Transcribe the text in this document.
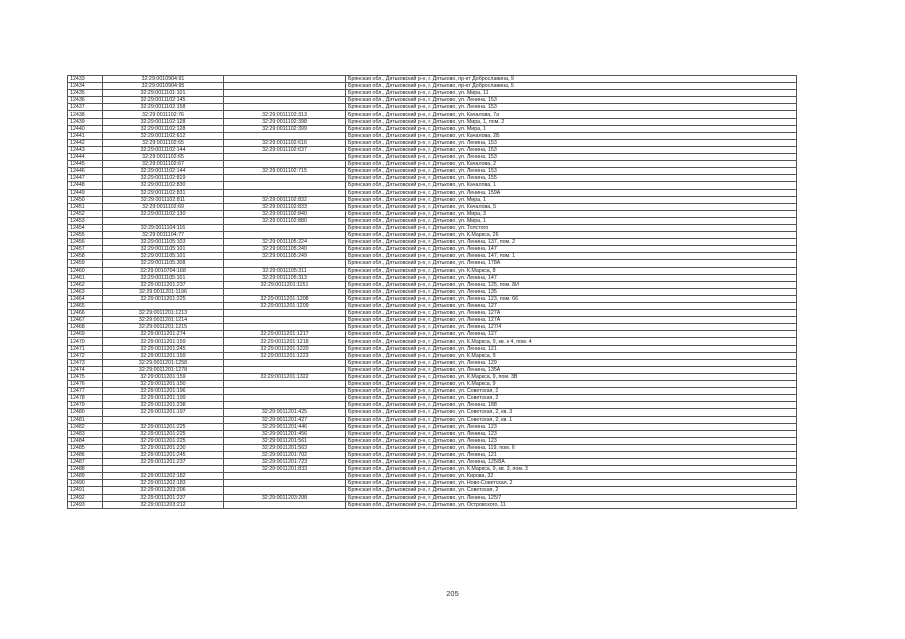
12433	32:29:0010904:91		Брянская обл., Дятьковский р-н, г. Дятьково, пр-кт Доброславина, 9
12434	32:29:0010904:95		Брянская обл., Дятьковский р-н, г. Дятьково, пр-кт Доброславина, 5
12435	32:29:0011101:101		Брянская обл., Дятьковский р-н, г. Дятьково, ул. Мира, 11
12436	32:29:0011102:145		Брянская обл., Дятьковский р-н, г. Дятьково, ул. Ленина, 153
12437	32:29:0011102:158		Брянская обл., Дятьковский р-н, г. Дятьково, ул. Ленина, 153
12438	32:29:0011102:76	32:29:0011102:313	Брянская обл., Дятьковский р-н, г. Дятьково, ул. Качалова, 7а
12439	32:29:0011102:128	32:29:0011102:398	Брянская обл., Дятьковский р-н, г. Дятьково, ул. Мира, 1, пом. 2
12440	32:29:0011102:128	32:29:0011102:399	Брянская обл., Дятьковский р-н, г. Дятьково, ул. Мира, 1
12441	32:29:0011102:612		Брянская обл., Дятьковский р-н, г. Дятьково, ул. Качалова, 2Б
12442	32:29:0011102:65	32:29:0011102:616	Брянская обл., Дятьковский р-н, г. Дятьково, ул. Ленина, 153
12443	32:29:0011102:144	32:29:0011102:637	Брянская обл., Дятьковский р-н, г. Дятьково, ул. Ленина, 153
12444	32:29:0011102:65		Брянская обл., Дятьковский р-н, г. Дятьково, ул. Ленина, 153
12445	32:29:0011102:67		Брянская обл., Дятьковский р-н, г. Дятьково, ул. Качалова, 2
12446	32:29:0011102:144	32:29:0011102:715	Брянская обл., Дятьковский р-н, г. Дятьково, ул. Ленина, 153
12447	32:29:0011102:819		Брянская обл., Дятьковский р-н, г. Дятьково, ул. Ленина, 155
12448	32:29:0011102:830		Брянская обл., Дятьковский р-н, г. Дятьково, ул. Качалова, 1
12449	32:29:0011102:831		Брянская обл., Дятьковский р-н, г. Дятьково, ул. Ленина, 159А
12450	32:29:0011102:811	32:29:0011102:832	Брянская обл., Дятьковский р-н, г. Дятьково, ул. Мира, 1
12451	32:29:0011102:69	32:29:0011102:833	Брянская обл., Дятьковский р-н, г. Дятьково, ул. Качалова, 5
12452	32:29:0011102:130	32:29:0011102:840	Брянская обл., Дятьковский р-н, г. Дятьково, ул. Мира, 3
12453		32:29:0011102:880	Брянская обл., Дятьковский р-н, г. Дятьково, ул. Мира, 1
12454	32:29:0011104:116		Брянская обл., Дятьковский р-н, г. Дятьково, ул. Толстого
12455	32:29:0011104:77		Брянская обл., Дятьковский р-н, г. Дятьково, ул. К.Маркса, 26
12456	32:29:0011105:103	32:29:0011105:224	Брянская обл., Дятьковский р-н, г. Дятьково, ул. Ленина, 137, пом. 2
12457	32:29:0011105:101	32:29:0011105:240	Брянская обл., Дятьковский р-н, г. Дятьково, ул. Ленина, 147
12458	32:29:0011105:101	32:29:0011105:249	Брянская обл., Дятьковский р-н, г. Дятьково, ул. Ленина, 147, пом. 1
12459	32:29:0011105:308		Брянская обл., Дятьковский р-н, г. Дятьково, ул. Ленина, 178А
12460	32:29:0010704:168	32:29:0011105:311	Брянская обл., Дятьковский р-н, г. Дятьково, ул. К.Маркса, 8
12461	32:29:0011105:101	32:29:0011105:313	Брянская обл., Дятьковский р-н, г. Дятьково, ул. Ленина, 147
12462	32:29:0011201:237	32:29:0011201:1151	Брянская обл., Дятьковский р-н, г. Дятьково, ул. Ленина, 125, пом. 8И
12463	32:29:0011201:1196		Брянская обл., Дятьковский р-н, г. Дятьково, ул. Ленина, 135
12464	32:29:0011201:225	32:29:0011201:1208	Брянская обл., Дятьковский р-н, г. Дятьково, ул. Ленина, 123, пом. 66
12465		32:29:0011201:1209	Брянская обл., Дятьковский р-н, г. Дятьково, ул. Ленина, 127
12466	32:29:0011201:1213		Брянская обл., Дятьковский р-н, г. Дятьково, ул. Ленина, 127А
12467	32:29:0011201:1214		Брянская обл., Дятьковский р-н, г. Дятьково, ул. Ленина, 127А
12468	32:29:0011201:1215		Брянская обл., Дятьковский р-н, г. Дятьково, ул. Ленина, 127/4
12469	32:29:0011201:274	32:29:0011201:1217	Брянская обл., Дятьковский р-н, г. Дятьково, ул. Ленина, 127
12470	32:29:0011201:159	32:29:0011201:1218	Брянская обл., Дятьковский р-н, г. Дятьково, ул. К.Маркса, 9, кв. к 4, пом. 4
12471	32:29:0011201:245	32:29:0011201:1220	Брянская обл., Дятьковский р-н, г. Дятьково, ул. Ленина, 121
12472	32:29:0011201:159	32:29:0011201:1223	Брянская обл., Дятьковский р-н, г. Дятьково, ул. К.Маркса, 9
12473	32:29:0011201:1258		Брянская обл., Дятьковский р-н, г. Дятьково, ул. Ленина, 129
12474	32:29:0011201:1278		Брянская обл., Дятьковский р-н, г. Дятьково, ул. Ленина, 135А
12475	32:29:0011201:159	32:29:0011201:1322	Брянская обл., Дятьковский р-н, г. Дятьково, ул. К.Маркса, 9, пом. 3В
12476	32:29:0011201:150		Брянская обл., Дятьковский р-н, г. Дятьково, ул. К.Маркса, 9
12477	32:29:0011201:196		Брянская обл., Дятьковский р-н, г. Дятьково, ул. Советская, 2
12478	32:29:0011201:199		Брянская обл., Дятьковский р-н, г. Дятьково, ул. Советская, 2
12479	32:29:0011201:238		Брянская обл., Дятьковский р-н, г. Дятьково, ул. Ленина, 188
12480	32:29:0011201:197	32:29:0011201:425	Брянская обл., Дятьковский р-н, г. Дятьково, ул. Советская, 2, кв. 3
12481		32:29:0011201:427	Брянская обл., Дятьковский р-н, г. Дятьково, ул. Советская, 2, кв. 1
12482	32:29:0011201:225	32:29:0011201:446	Брянская обл., Дятьковский р-н, г. Дятьково, ул. Ленина, 123
12483	32:29:0011201:225	32:29:0011201:456	Брянская обл., Дятьковский р-н, г. Дятьково, ул. Ленина, 123
12484	32:29:0011201:225	32:29:0011201:561	Брянская обл., Дятьковский р-н, г. Дятьково, ул. Ленина, 123
12485	32:29:0011201:230	32:29:0011201:563	Брянская обл., Дятьковский р-н, г. Дятьково, ул. Ленина, 119, пом. II
12486	32:29:0011201:245	32:29:0011201:702	Брянская обл., Дятьковский р-н, г. Дятьково, ул. Ленина, 121
12487	32:29:0011201:237	32:29:0011201:723	Брянская обл., Дятьковский р-н, г. Дятьково, ул. Ленина, 125/8А
12488		32:29:0011201:833	Брянская обл., Дятьковский р-н, г. Дятьково, ул. К.Маркса, 9, кв. 3, пом. 3
12489	32:29:0011202:182		Брянская обл., Дятьковский р-н, г. Дятьково, ул. Кирова, 32
12490	32:29:0011202:183		Брянская обл., Дятьковский р-н, г. Дятьково, ул. Ново-Советская, 2
12491	32:29:0011203:206		Брянская обл., Дятьковский р-н, г. Дятьково, ул. Советская, 2
12492	32:29:0011201:237	32:29:0011203:208	Брянская обл., Дятьковский р-н, г. Дятьково, ул. Ленина, 125/7
12493	32:29:0011203:212		Брянская обл., Дятьковский р-н, г. Дятьково, ул. Островского, 11
205
